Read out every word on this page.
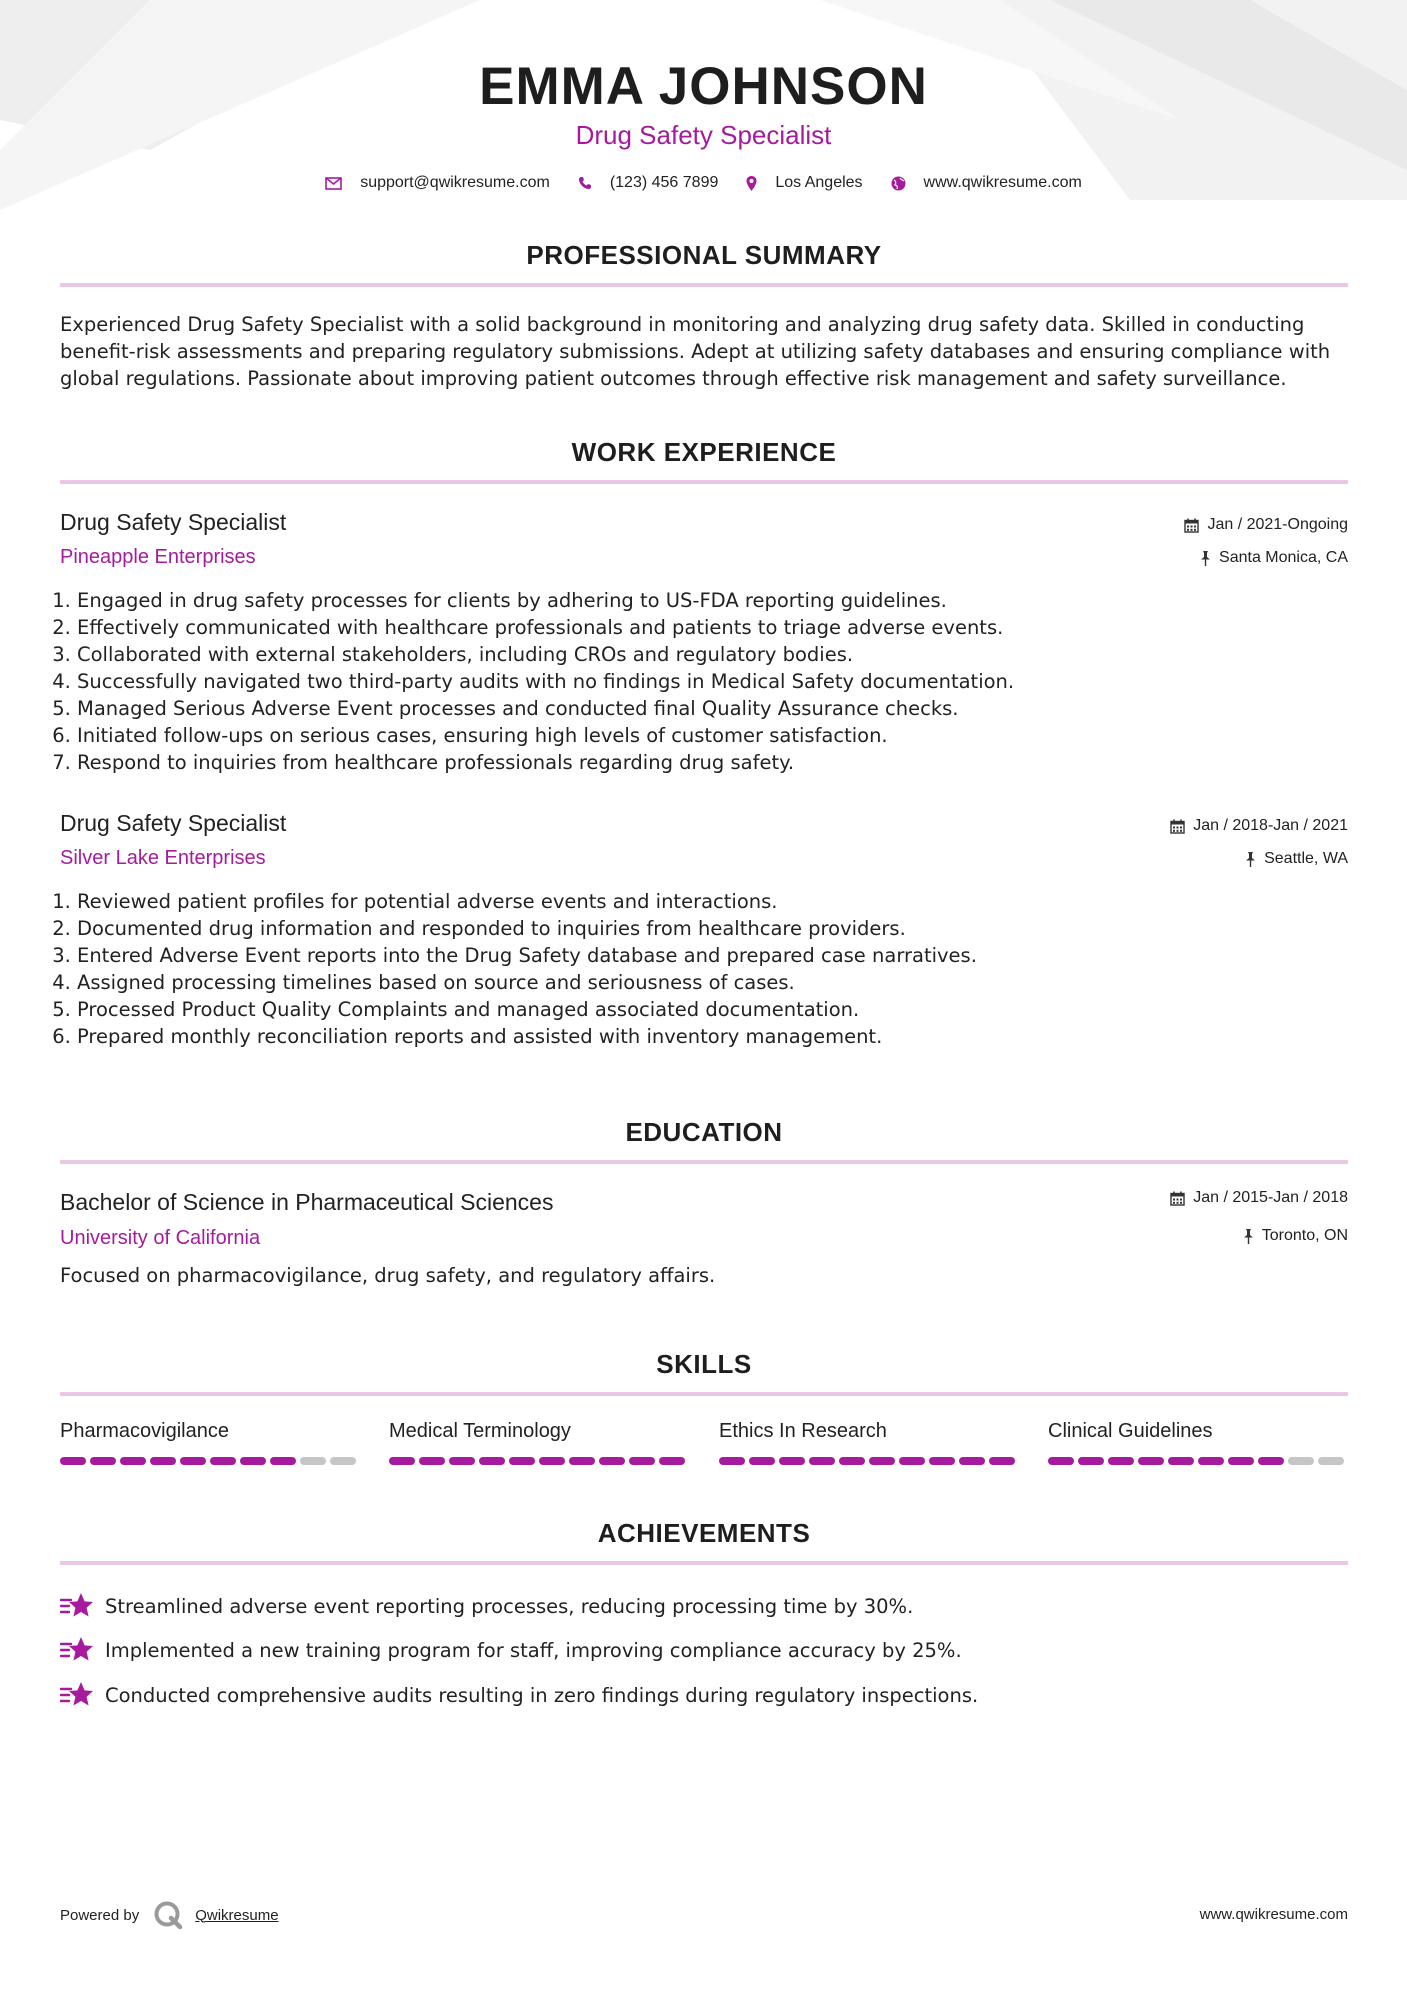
EMMA JOHNSON
Drug Safety Specialist
support@qwikresume.com	(123) 456 7899	Los Angeles	www.qwikresume.com
PROFESSIONAL SUMMARY
Experienced Drug Safety Specialist with a solid background in monitoring and analyzing drug safety data. Skilled in conducting benefit-risk assessments and preparing regulatory submissions. Adept at utilizing safety databases and ensuring compliance with global regulations. Passionate about improving patient outcomes through effective risk management and safety surveillance.
WORK EXPERIENCE
Drug Safety Specialist
Pineapple Enterprises
Jan / 2021-Ongoing
Santa Monica, CA
1. Engaged in drug safety processes for clients by adhering to US-FDA reporting guidelines.
2. Effectively communicated with healthcare professionals and patients to triage adverse events.
3. Collaborated with external stakeholders, including CROs and regulatory bodies.
4. Successfully navigated two third-party audits with no findings in Medical Safety documentation.
5. Managed Serious Adverse Event processes and conducted final Quality Assurance checks.
6. Initiated follow-ups on serious cases, ensuring high levels of customer satisfaction.
7. Respond to inquiries from healthcare professionals regarding drug safety.
Drug Safety Specialist
Silver Lake Enterprises
Jan / 2018-Jan / 2021
Seattle, WA
1. Reviewed patient profiles for potential adverse events and interactions.
2. Documented drug information and responded to inquiries from healthcare providers.
3. Entered Adverse Event reports into the Drug Safety database and prepared case narratives.
4. Assigned processing timelines based on source and seriousness of cases.
5. Processed Product Quality Complaints and managed associated documentation.
6. Prepared monthly reconciliation reports and assisted with inventory management.
EDUCATION
Bachelor of Science in Pharmaceutical Sciences
University of California
Jan / 2015-Jan / 2018
Toronto, ON
Focused on pharmacovigilance, drug safety, and regulatory affairs.
SKILLS
Pharmacovigilance	Medical Terminology	Ethics In Research	Clinical Guidelines
ACHIEVEMENTS
Streamlined adverse event reporting processes, reducing processing time by 30%.
Implemented a new training program for staff, improving compliance accuracy by 25%.
Conducted comprehensive audits resulting in zero findings during regulatory inspections.
Powered by	Qwikresume	www.qwikresume.com
